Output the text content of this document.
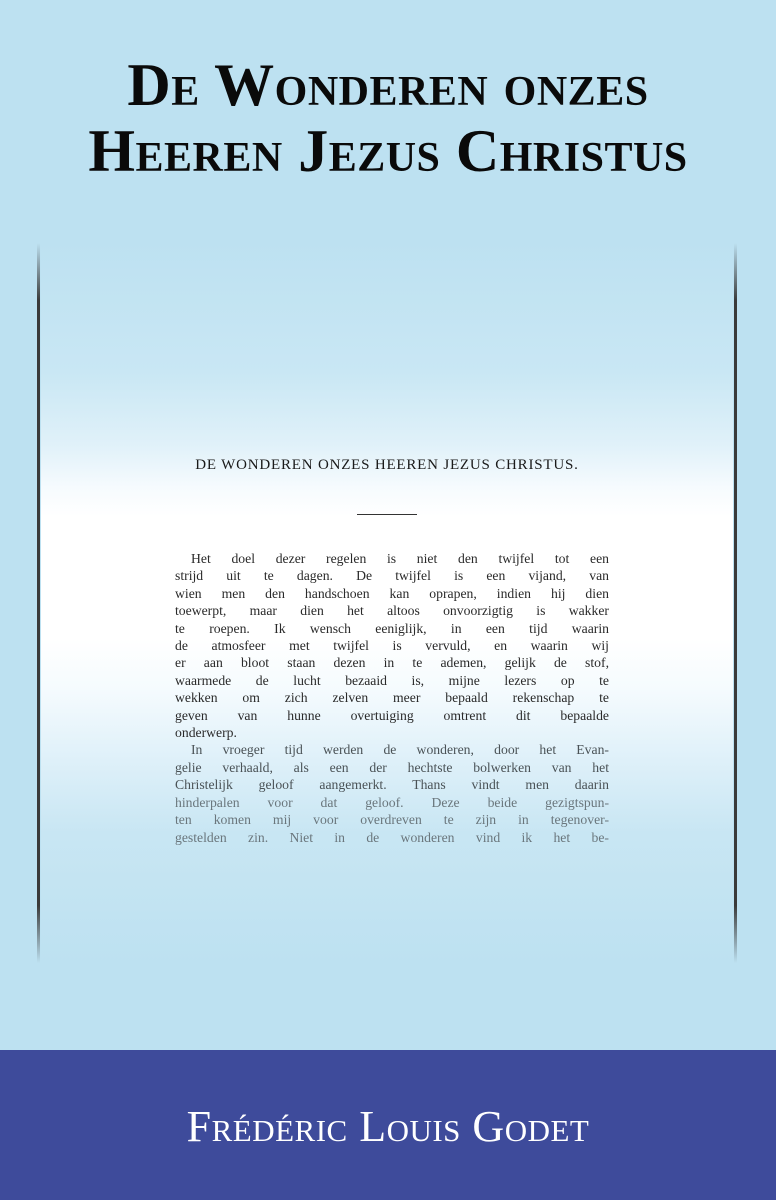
De Wonderen onzes
Heeren Jezus Christus
DE WONDEREN ONZES HEEREN JEZUS CHRISTUS.
Het doel dezer regelen is niet den twijfel tot een
strijd uit te dagen. De twijfel is een vijand, van
wien men den handschoen kan oprapen, indien hij dien
toewerpt, maar dien het altoos onvoorzigtig is wakker
te roepen. Ik wensch eeniglijk, in een tijd waarin
de atmosfeer met twijfel is vervuld, en waarin wij
er aan bloot staan dezen in te ademen, gelijk de stof,
waarmede de lucht bezaaid is, mijne lezers op te
wekken om zich zelven meer bepaald rekenschap te
geven van hunne overtuiging omtrent dit bepaalde
onderwerp.
In vroeger tijd werden de wonderen, door het Evan-
gelie verhaald, als een der hechtste bolwerken van het
Christelijk geloof aangemerkt. Thans vindt men daarin
hinderpalen voor dat geloof. Deze beide gezigtspun-
ten komen mij voor overdreven te zijn in tegenover-
gestelden zin. Niet in de wonderen vind ik het be-
Frédéric Louis Godet
